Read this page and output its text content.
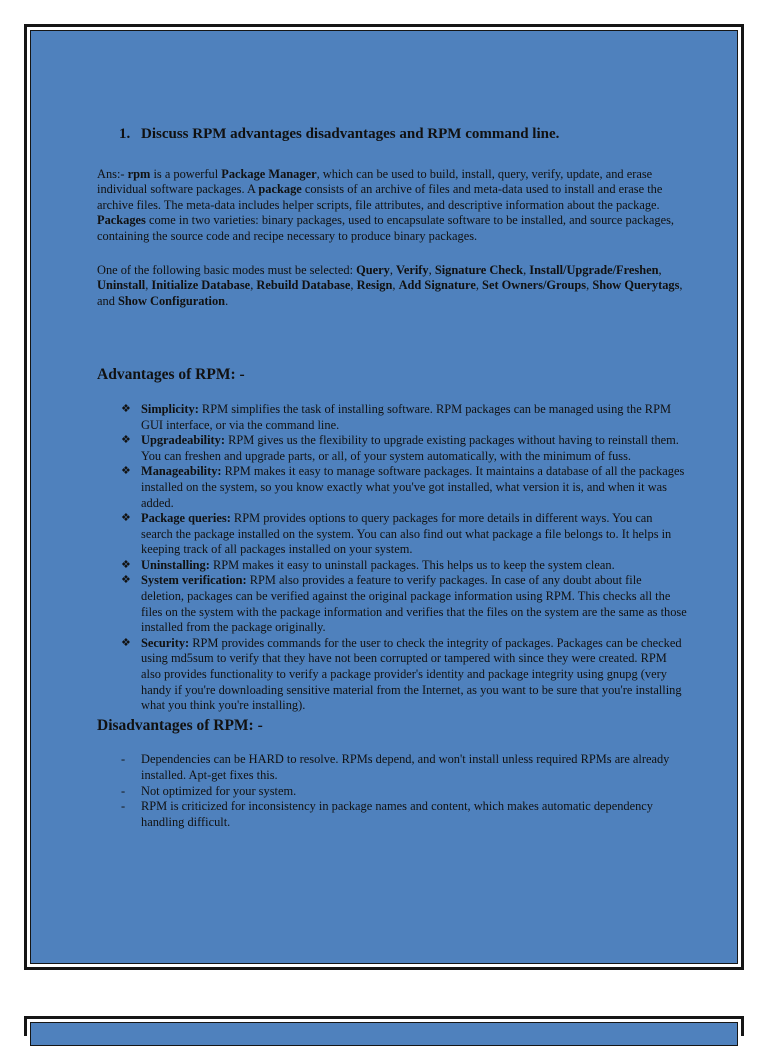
1. Discuss RPM advantages disadvantages and RPM command line.

Ans:- rpm is a powerful Package Manager, which can be used to build, install, query, verify, update, and erase individual software packages. A package consists of an archive of files and meta-data used to install and erase the archive files. The meta-data includes helper scripts, file attributes, and descriptive information about the package. Packages come in two varieties: binary packages, used to encapsulate software to be installed, and source packages, containing the source code and recipe necessary to produce binary packages.

One of the following basic modes must be selected: Query, Verify, Signature Check, Install/Upgrade/Freshen, Uninstall, Initialize Database, Rebuild Database, Resign, Add Signature, Set Owners/Groups, Show Querytags, and Show Configuration.

Advantages of RPM: -
❖ Simplicity: RPM simplifies the task of installing software. RPM packages can be managed using the RPM GUI interface, or via the command line.
❖ Upgradeability: RPM gives us the flexibility to upgrade existing packages without having to reinstall them. You can freshen and upgrade parts, or all, of your system automatically, with the minimum of fuss.
❖ Manageability: RPM makes it easy to manage software packages. It maintains a database of all the packages installed on the system, so you know exactly what you've got installed, what version it is, and when it was added.
❖ Package queries: RPM provides options to query packages for more details in different ways. You can search the package installed on the system. You can also find out what package a file belongs to. It helps in keeping track of all packages installed on your system.
❖ Uninstalling: RPM makes it easy to uninstall packages. This helps us to keep the system clean.
❖ System verification: RPM also provides a feature to verify packages. In case of any doubt about file deletion, packages can be verified against the original package information using RPM. This checks all the files on the system with the package information and verifies that the files on the system are the same as those installed from the package originally.
❖ Security: RPM provides commands for the user to check the integrity of packages. Packages can be checked using md5sum to verify that they have not been corrupted or tampered with since they were created. RPM also provides functionality to verify a package provider's identity and package integrity using gnupg (very handy if you're downloading sensitive material from the Internet, as you want to be sure that you're installing what you think you're installing).
Disadvantages of RPM: -
- Dependencies can be HARD to resolve. RPMs depend, and won't install unless required RPMs are already installed. Apt-get fixes this.
- Not optimized for your system.
- RPM is criticized for inconsistency in package names and content, which makes automatic dependency handling difficult.
